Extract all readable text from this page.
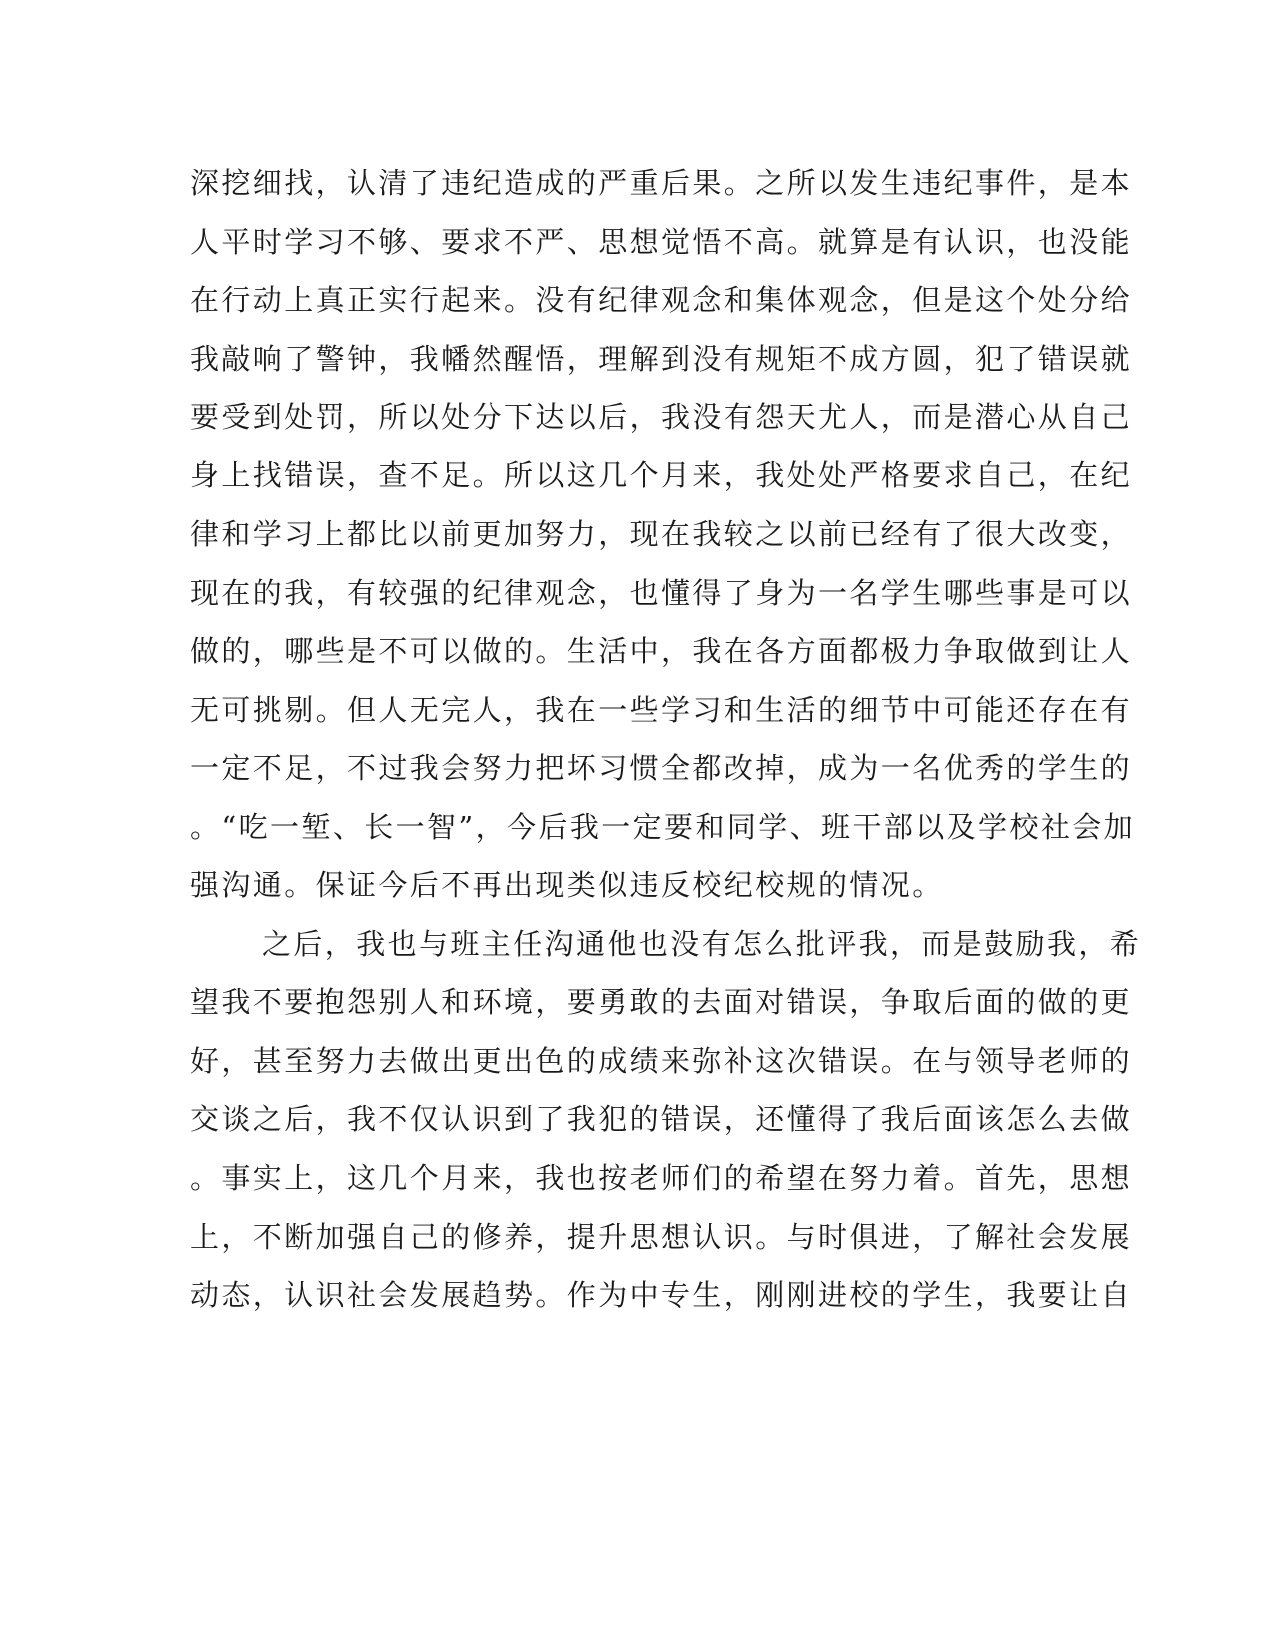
深挖细找，认清了违纪造成的严重后果。之所以发生违纪事件，是本
人平时学习不够、要求不严、思想觉悟不高。就算是有认识，也没能
在行动上真正实行起来。没有纪律观念和集体观念，但是这个处分给
我敲响了警钟，我幡然醒悟，理解到没有规矩不成方圆，犯了错误就
要受到处罚，所以处分下达以后，我没有怨天尤人，而是潜心从自己
身上找错误，查不足。所以这几个月来，我处处严格要求自己，在纪
律和学习上都比以前更加努力，现在我较之以前已经有了很大改变，
现在的我，有较强的纪律观念，也懂得了身为一名学生哪些事是可以
做的，哪些是不可以做的。生活中，我在各方面都极力争取做到让人
无可挑剔。但人无完人，我在一些学习和生活的细节中可能还存在有
一定不足，不过我会努力把坏习惯全都改掉，成为一名优秀的学生的
。“吃一堑、长一智”，今后我一定要和同学、班干部以及学校社会加
强沟通。保证今后不再出现类似违反校纪校规的情况。
之后，我也与班主任沟通他也没有怎么批评我，而是鼓励我，希
望我不要抱怨别人和环境，要勇敢的去面对错误，争取后面的做的更
好，甚至努力去做出更出色的成绩来弥补这次错误。在与领导老师的
交谈之后，我不仅认识到了我犯的错误，还懂得了我后面该怎么去做
。事实上，这几个月来，我也按老师们的希望在努力着。首先，思想
上，不断加强自己的修养，提升思想认识。与时俱进，了解社会发展
动态，认识社会发展趋势。作为中专生，刚刚进校的学生，我要让自
